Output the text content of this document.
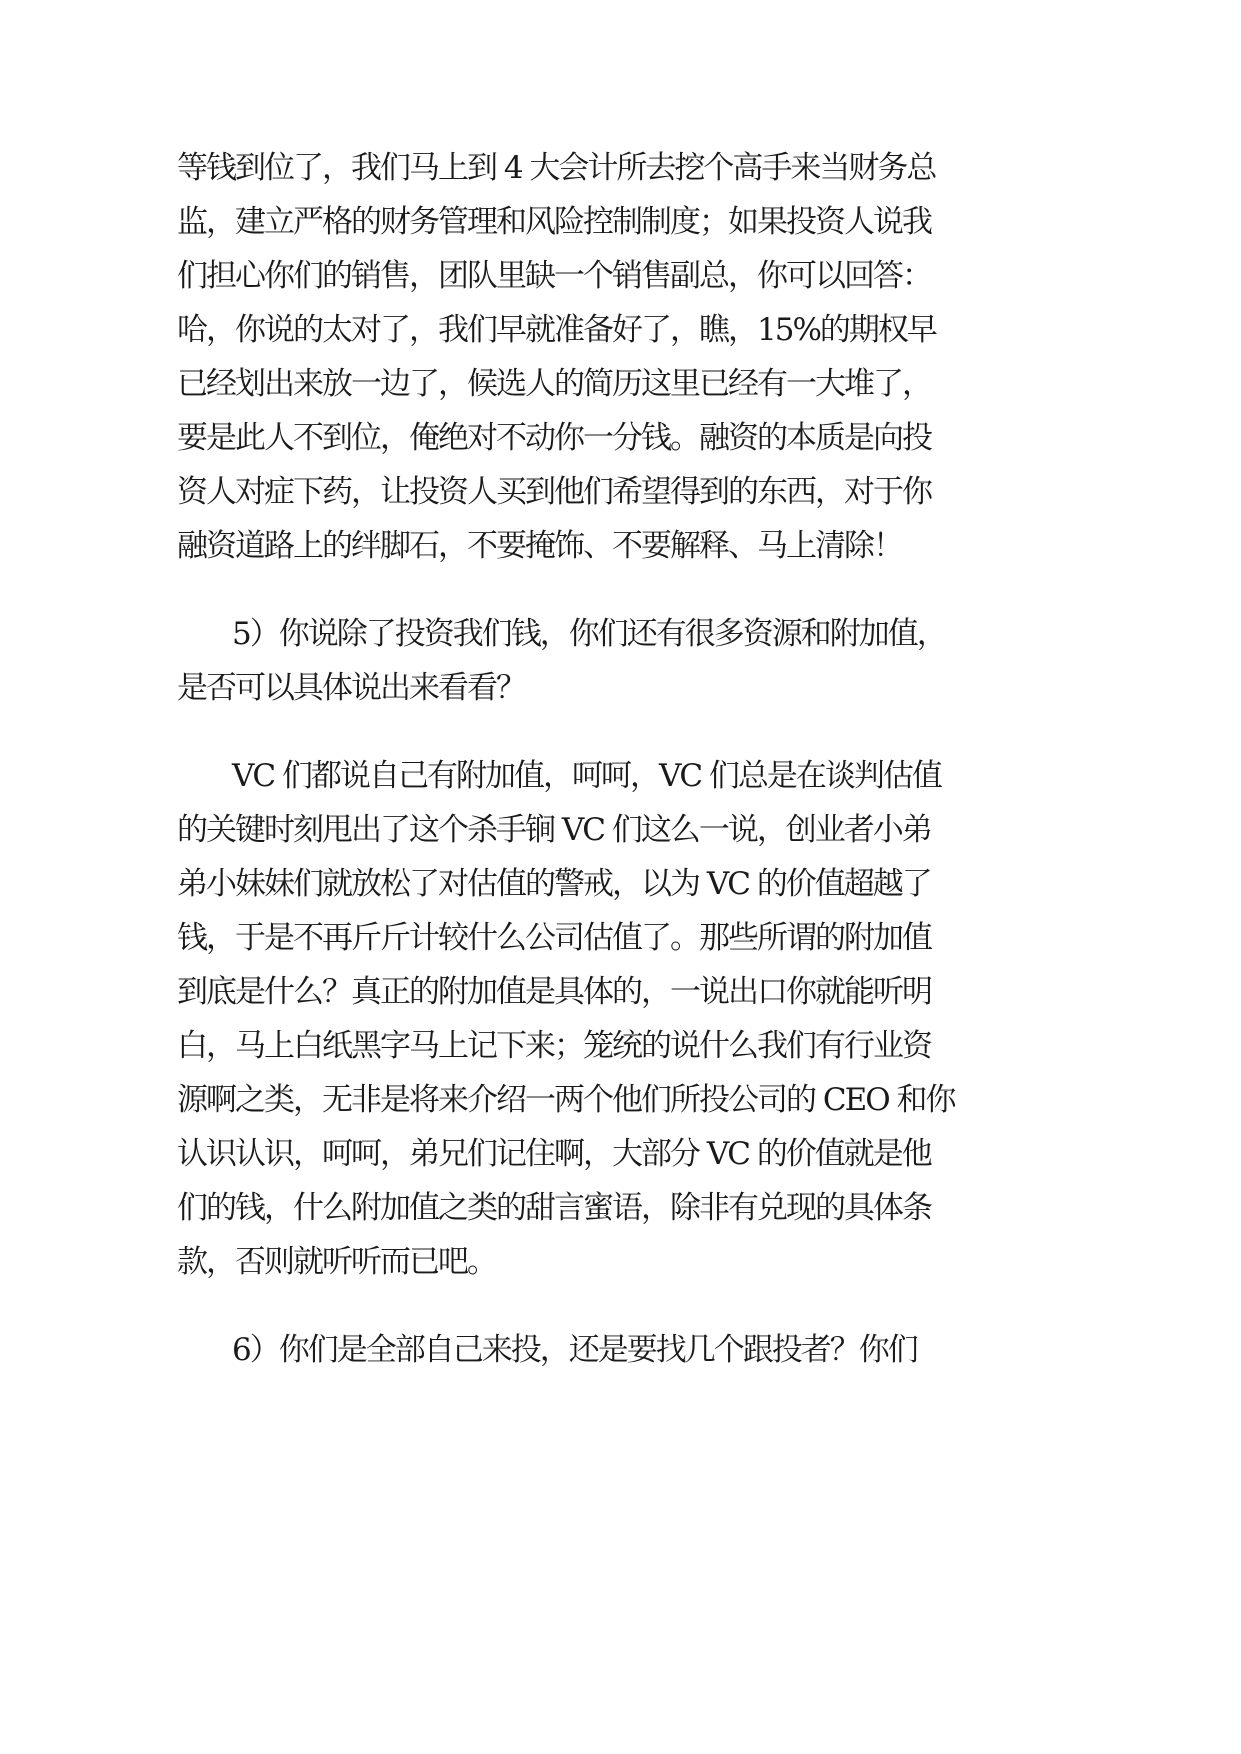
等钱到位了，我们马上到 4 大会计所去挖个高手来当财务总
监，建立严格的财务管理和风险控制制度；如果投资人说我
们担心你们的销售，团队里缺一个销售副总，你可以回答：
哈，你说的太对了，我们早就准备好了，瞧，15%的期权早
已经划出来放一边了，候选人的简历这里已经有一大堆了，
要是此人不到位，俺绝对不动你一分钱。融资的本质是向投
资人对症下药，让投资人买到他们希望得到的东西，对于你
融资道路上的绊脚石，不要掩饰、不要解释、马上清除！
5）你说除了投资我们钱，你们还有很多资源和附加值，
是否可以具体说出来看看？
VC 们都说自己有附加值，呵呵，VC 们总是在谈判估值
的关键时刻甩出了这个杀手锏 VC 们这么一说，创业者小弟
弟小妹妹们就放松了对估值的警戒，以为 VC 的价值超越了
钱，于是不再斤斤计较什么公司估值了。那些所谓的附加值
到底是什么？真正的附加值是具体的，一说出口你就能听明
白，马上白纸黑字马上记下来；笼统的说什么我们有行业资
源啊之类，无非是将来介绍一两个他们所投公司的 CEO 和你
认识认识，呵呵，弟兄们记住啊，大部分 VC 的价值就是他
们的钱，什么附加值之类的甜言蜜语，除非有兑现的具体条
款，否则就听听而已吧。
6）你们是全部自己来投，还是要找几个跟投者？你们
